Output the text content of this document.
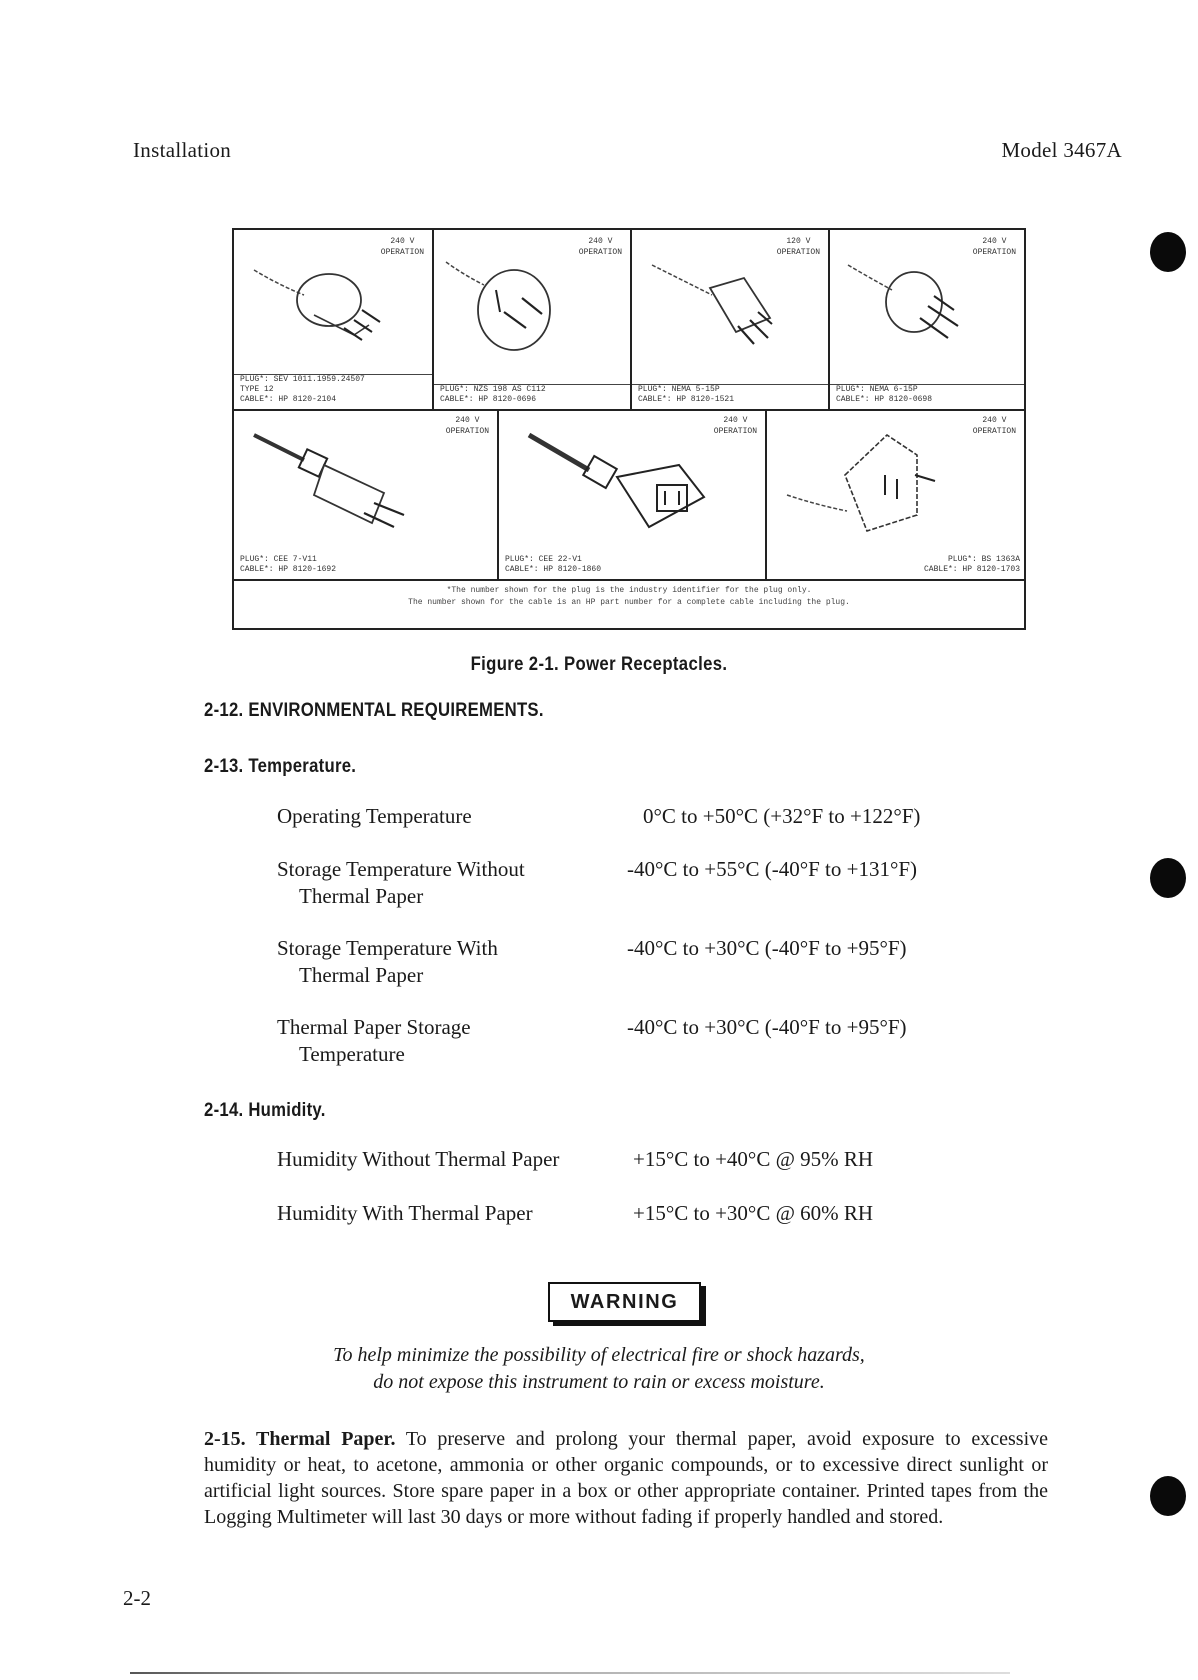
Installation	Model 3467A
240 V
OPERATION
PLUG*: SEV 1011.1959.24507
TYPE 12
CABLE*: HP 8120-2104
240 V
OPERATION
PLUG*: NZS 198 AS C112
CABLE*: HP 8120-0696
120 V
OPERATION
PLUG*: NEMA 5-15P
CABLE*: HP 8120-1521
240 V
OPERATION
PLUG*: NEMA 6-15P
CABLE*: HP 8120-0698
240 V
OPERATION
PLUG*: CEE 7-V11
CABLE*: HP 8120-1692
240 V
OPERATION
PLUG*: CEE 22-V1
CABLE*: HP 8120-1860
240 V
OPERATION
PLUG*: BS 1363A
CABLE*: HP 8120-1703
*The number shown for the plug is the industry identifier for the plug only.
The number shown for the cable is an HP part number for a complete cable including the plug.
Figure 2-1. Power Receptacles.
2-12. ENVIRONMENTAL REQUIREMENTS.
2-13. Temperature.
Operating Temperature	0°C to +50°C (+32°F to +122°F)
Storage Temperature Without
Thermal Paper
-40°C to +55°C (-40°F to +131°F)
Storage Temperature With
Thermal Paper
-40°C to +30°C (-40°F to +95°F)
Thermal Paper Storage
Temperature
-40°C to +30°C (-40°F to +95°F)
2-14. Humidity.
Humidity Without Thermal Paper	+15°C to +40°C @ 95% RH
Humidity With Thermal Paper	+15°C to +30°C @ 60% RH
WARNING
To help minimize the possibility of electrical fire or shock hazards,
do not expose this instrument to rain or excess moisture.
2-15. Thermal Paper. To preserve and prolong your thermal paper, avoid exposure to excessive humidity or heat, to acetone, ammonia or other organic compounds, or to excessive direct sunlight or artificial light sources. Store spare paper in a box or other appropriate container. Printed tapes from the Logging Multimeter will last 30 days or more without fading if properly handled and stored.
2-2
